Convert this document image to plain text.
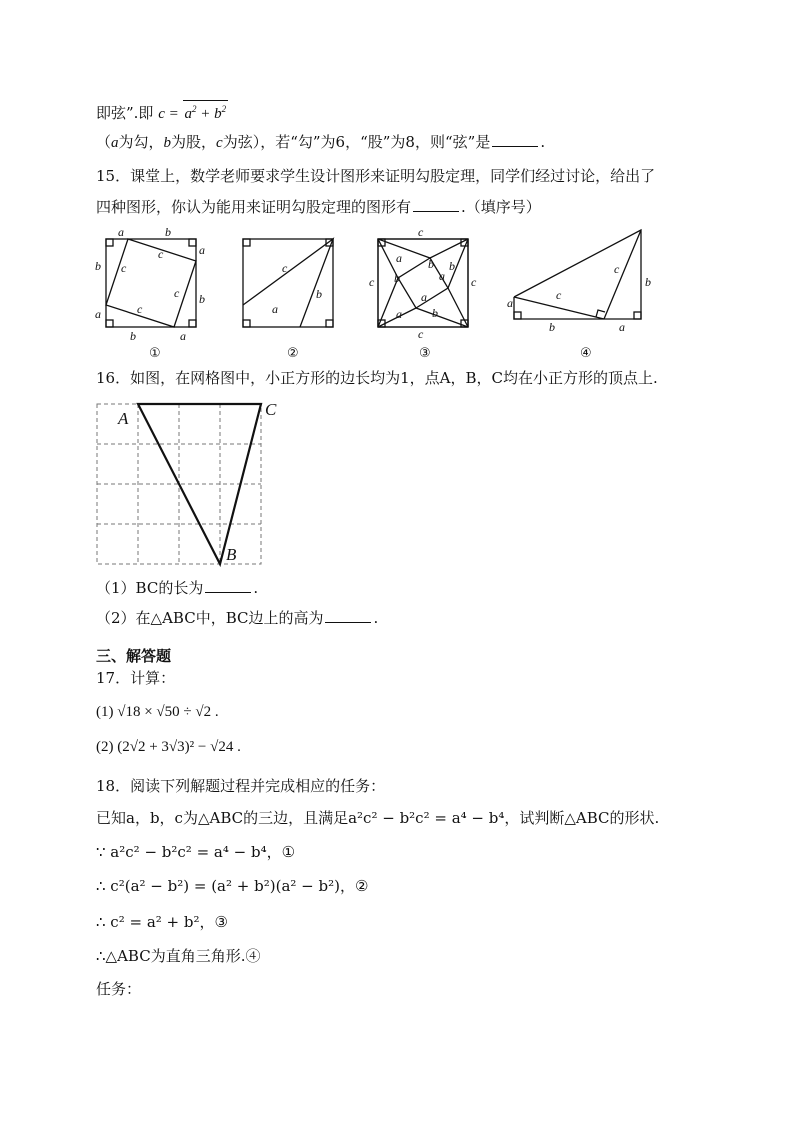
即弦”.即 $c = a^2 + b^2$
（a为勾，b为股，c为弦），若“勾”为6，“股”为8，则“弦”是	.
15．课堂上，数学老师要求学生设计图形来证明勾股定理，同学们经过讨论，给出了
四种图形，你认为能用来证明勾股定理的图形有	.（填序号）
a	b
a
b
b
a
b	a
c
c
c
c
c
a
b
c
c
c	c
a
b
b
a
a
b
a
b
a
c
b	a
c
b
①	②	③	④
16．如图，在网格图中，小正方形的边长均为1，点A，B，C均在小正方形的顶点上.
A	C
B
（1）BC的长为	.
（2）在△ABC中，BC边上的高为	.
三、解答题
17．计算：
(1) √18 × √50 ÷ √2 .
(2) (2√2 + 3√3)² − √24 .
18．阅读下列解题过程并完成相应的任务：
已知a，b，c为△ABC的三边，且满足a²c² − b²c² = a⁴ − b⁴，试判断△ABC的形状.
∵ a²c² − b²c² = a⁴ − b⁴，①
∴ c²(a² − b²) = (a² + b²)(a² − b²)，②
∴ c² = a² + b²，③
∴△ABC为直角三角形.④
任务：
